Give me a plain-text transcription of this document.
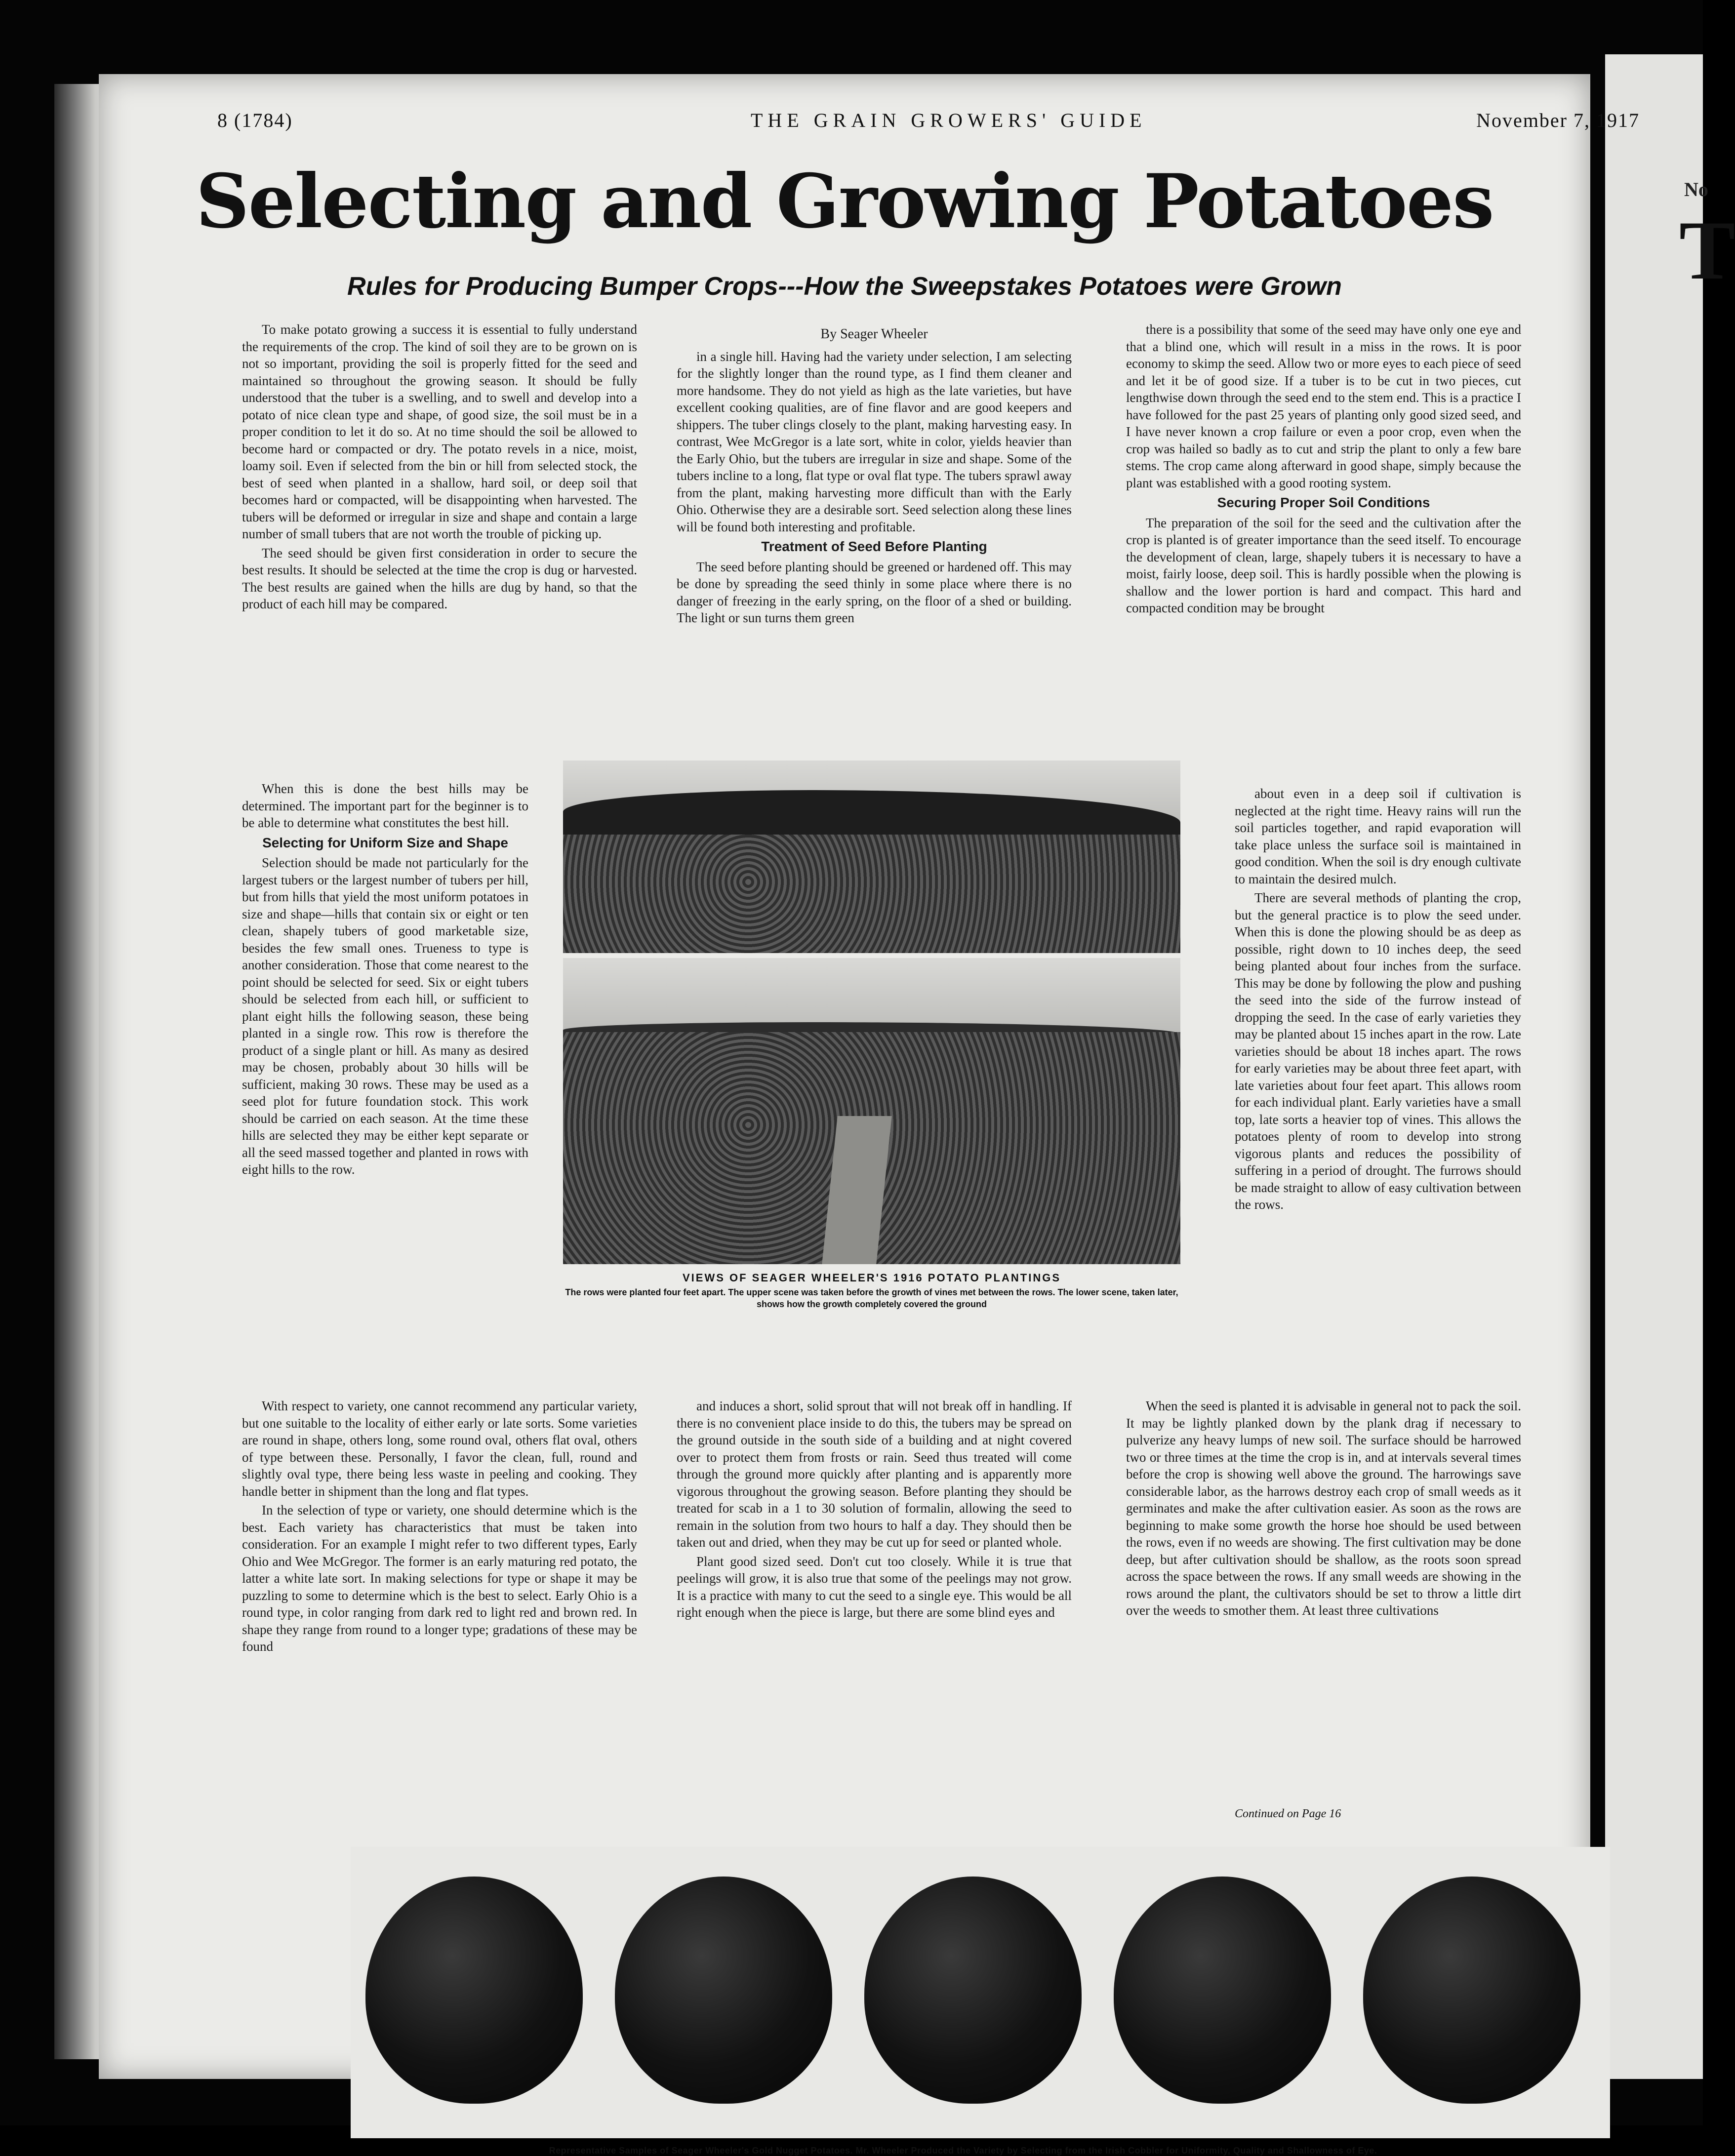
No
T
8 (1784)	THE GRAIN GROWERS' GUIDE	November 7, 1917
Selecting and Growing Potatoes
Rules for Producing Bumper Crops---How the Sweepstakes Potatoes were Grown

To make potato growing a success it is essential to fully understand the requirements of the crop. The kind of soil they are to be grown on is not so important, providing the soil is properly fitted for the seed and maintained so throughout the growing season. It should be fully understood that the tuber is a swelling, and to swell and develop into a potato of nice clean type and shape, of good size, the soil must be in a proper condition to let it do so. At no time should the soil be allowed to become hard or compacted or dry. The potato revels in a nice, moist, loamy soil. Even if selected from the bin or hill from selected stock, the best of seed when planted in a shallow, hard soil, or deep soil that becomes hard or compacted, will be disappointing when harvested. The tubers will be deformed or irregular in size and shape and contain a large number of small tubers that are not worth the trouble of picking up.

The seed should be given first consideration in order to secure the best results. It should be selected at the time the crop is dug or harvested. The best results are gained when the hills are dug by hand, so that the product of each hill may be compared.

When this is done the best hills may be determined. The important part for the beginner is to be able to determine what constitutes the best hill.

Selecting for Uniform Size and Shape

Selection should be made not particularly for the largest tubers or the largest number of tubers per hill, but from hills that yield the most uniform potatoes in size and shape—hills that contain six or eight or ten clean, shapely tubers of good marketable size, besides the few small ones. Trueness to type is another consideration. Those that come nearest to the point should be selected for seed. Six or eight tubers should be selected from each hill, or sufficient to plant eight hills the following season, these being planted in a single row. This row is therefore the product of a single plant or hill. As many as desired may be chosen, probably about 30 hills will be sufficient, making 30 rows. These may be used as a seed plot for future foundation stock. This work should be carried on each season. At the time these hills are selected they may be either kept separate or all the seed massed together and planted in rows with eight hills to the row.

With respect to variety, one cannot recommend any particular variety, but one suitable to the locality of either early or late sorts. Some varieties are round in shape, others long, some round oval, others flat oval, others of type between these. Personally, I favor the clean, full, round and slightly oval type, there being less waste in peeling and cooking. They handle better in shipment than the long and flat types.

In the selection of type or variety, one should determine which is the best. Each variety has characteristics that must be taken into consideration. For an example I might refer to two different types, Early Ohio and Wee McGregor. The former is an early maturing red potato, the latter a white late sort. In making selections for type or shape it may be puzzling to some to determine which is the best to select. Early Ohio is a round type, in color ranging from dark red to light red and brown red. In shape they range from round to a longer type; gradations of these may be found

By Seager Wheeler

in a single hill. Having had the variety under selection, I am selecting for the slightly longer than the round type, as I find them cleaner and more handsome. They do not yield as high as the late varieties, but have excellent cooking qualities, are of fine flavor and are good keepers and shippers. The tuber clings closely to the plant, making harvesting easy. In contrast, Wee McGregor is a late sort, white in color, yields heavier than the Early Ohio, but the tubers are irregular in size and shape. Some of the tubers incline to a long, flat type or oval flat type. The tubers sprawl away from the plant, making harvesting more difficult than with the Early Ohio. Otherwise they are a desirable sort. Seed selection along these lines will be found both interesting and profitable.

Treatment of Seed Before Planting

The seed before planting should be greened or hardened off. This may be done by spreading the seed thinly in some place where there is no danger of freezing in the early spring, on the floor of a shed or building. The light or sun turns them green

and induces a short, solid sprout that will not break off in handling. If there is no convenient place inside to do this, the tubers may be spread on the ground outside in the south side of a building and at night covered over to protect them from frosts or rain. Seed thus treated will come through the ground more quickly after planting and is apparently more vigorous throughout the growing season. Before planting they should be treated for scab in a 1 to 30 solution of formalin, allowing the seed to remain in the solution from two hours to half a day. They should then be taken out and dried, when they may be cut up for seed or planted whole.

Plant good sized seed. Don't cut too closely. While it is true that peelings will grow, it is also true that some of the peelings may not grow. It is a practice with many to cut the seed to a single eye. This would be all right enough when the piece is large, but there are some blind eyes and

there is a possibility that some of the seed may have only one eye and that a blind one, which will result in a miss in the rows. It is poor economy to skimp the seed. Allow two or more eyes to each piece of seed and let it be of good size. If a tuber is to be cut in two pieces, cut lengthwise down through the seed end to the stem end. This is a practice I have followed for the past 25 years of planting only good sized seed, and I have never known a crop failure or even a poor crop, even when the crop was hailed so badly as to cut and strip the plant to only a few bare stems. The crop came along afterward in good shape, simply because the plant was established with a good rooting system.

Securing Proper Soil Conditions

The preparation of the soil for the seed and the cultivation after the crop is planted is of greater importance than the seed itself. To encourage the development of clean, large, shapely tubers it is necessary to have a moist, fairly loose, deep soil. This is hardly possible when the plowing is shallow and the lower portion is hard and compact. This hard and compacted condition may be brought

about even in a deep soil if cultivation is neglected at the right time. Heavy rains will run the soil particles together, and rapid evaporation will take place unless the surface soil is maintained in good condition. When the soil is dry enough cultivate to maintain the desired mulch.

There are several methods of planting the crop, but the general practice is to plow the seed under. When this is done the plowing should be as deep as possible, right down to 10 inches deep, the seed being planted about four inches from the surface. This may be done by following the plow and pushing the seed into the side of the furrow instead of dropping the seed. In the case of early varieties they may be planted about 15 inches apart in the row. Late varieties should be about 18 inches apart. The rows for early varieties may be about three feet apart, with late varieties about four feet apart. This allows room for each individual plant. Early varieties have a small top, late sorts a heavier top of vines. This allows the potatoes plenty of room to develop into strong vigorous plants and reduces the possibility of suffering in a period of drought. The furrows should be made straight to allow of easy cultivation between the rows.

When the seed is planted it is advisable in general not to pack the soil. It may be lightly planked down by the plank drag if necessary to pulverize any heavy lumps of new soil. The surface should be harrowed two or three times at the time the crop is in, and at intervals several times before the crop is showing well above the ground. The harrowings save considerable labor, as the harrows destroy each crop of small weeds as it germinates and make the after cultivation easier. As soon as the rows are beginning to make some growth the horse hoe should be used between the rows, even if no weeds are showing. The first cultivation may be done deep, but after cultivation should be shallow, as the roots soon spread across the space between the rows. If any small weeds are showing in the rows around the plant, the cultivators should be set to throw a little dirt over the weeds to smother them. At least three cultivations

VIEWS OF SEAGER WHEELER'S 1916 POTATO PLANTINGS
The rows were planted four feet apart. The upper scene was taken before the growth of vines met between the rows. The lower scene, taken later, shows how the growth completely covered the ground
Continued on Page 16
Representative Samples of Seager Wheeler's Gold Nugget Potatoes. Mr. Wheeler Produced the Variety by Selecting from the Irish Cobbler for Uniformity, Quality and Shallowness of Eye.
